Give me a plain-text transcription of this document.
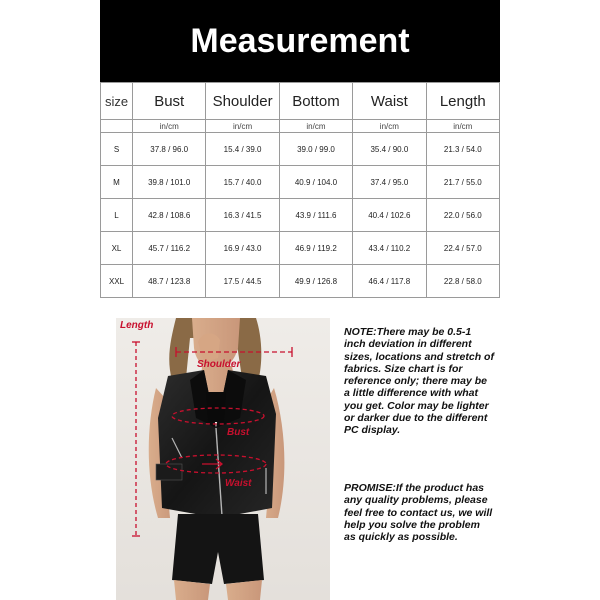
Measurement
size	Bust	Shoulder	Bottom	Waist	Length
	in/cm	in/cm	in/cm	in/cm	in/cm
S	37.8 / 96.0	15.4 / 39.0	39.0 / 99.0	35.4 / 90.0	21.3 / 54.0
M	39.8 / 101.0	15.7 / 40.0	40.9 / 104.0	37.4 / 95.0	21.7 / 55.0
L	42.8 / 108.6	16.3 / 41.5	43.9 / 111.6	40.4 / 102.6	22.0 / 56.0
XL	45.7 / 116.2	16.9 / 43.0	46.9 / 119.2	43.4 / 110.2	22.4 / 57.0
XXL	48.7 / 123.8	17.5 / 44.5	49.9 / 126.8	46.4 / 117.8	22.8 / 58.0
Length
Shoulder
Bust
Waist
NOTE:There may be 0.5-1 inch deviation in different sizes, locations and stretch of fabrics. Size chart is for reference only; there may be a little difference with what you get. Color may be lighter or darker due to the different PC display.
PROMISE:If the product has any quality problems, please feel free to contact us, we will help you solve the problem as quickly as possible.
